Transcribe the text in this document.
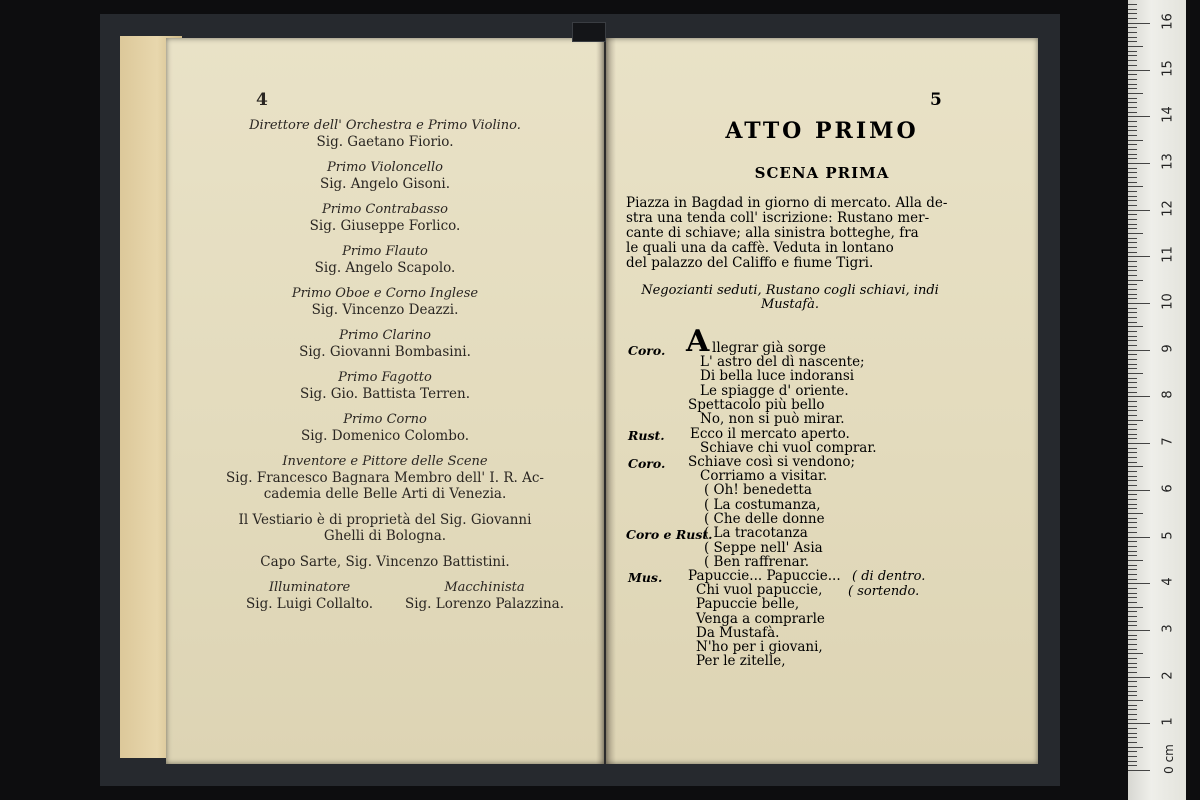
4
Direttore dell' Orchestra e Primo Violino.
Sig. Gaetano Fiorio.
Primo Violoncello
Sig. Angelo Gisoni.
Primo Contrabasso
Sig. Giuseppe Forlico.
Primo Flauto
Sig. Angelo Scapolo.
Primo Oboe e Corno Inglese
Sig. Vincenzo Deazzi.
Primo Clarino
Sig. Giovanni Bombasini.
Primo Fagotto
Sig. Gio. Battista Terren.
Primo Corno
Sig. Domenico Colombo.
Inventore e Pittore delle Scene
Sig. Francesco Bagnara Membro dell' I. R. Ac-
cademia delle Belle Arti di Venezia.
Il Vestiario è di proprietà del Sig. Giovanni
Ghelli di Bologna.
Capo Sarte, Sig. Vincenzo Battistini.
Illuminatore
Sig. Luigi Collalto.
Macchinista
Sig. Lorenzo Palazzina.
5
ATTO PRIMO
SCENA PRIMA
Piazza in Bagdad in giorno di mercato. Alla de-
stra una tenda coll' iscrizione: Rustano mer-
cante di schiave; alla sinistra botteghe, fra
le quali una da caffè. Veduta in lontano
del palazzo del Califfo e fiume Tigri.
Negozianti seduti, Rustano cogli schiavi, indi
Mustafà.
Coro.
Rust.
Coro.
Coro e Rust.
Mus.
A llegrar già sorge
L' astro del dì nascente;
Di bella luce indoransi
Le spiagge d' oriente.
Spettacolo più bello
No, non si può mirar.
Ecco il mercato aperto.
Schiave chi vuol comprar.
Schiave così si vendono;
Corriamo a visitar.
( Oh! benedetta
( La costumanza,
( Che delle donne
( La tracotanza
( Seppe nell' Asia
( Ben raffrenar.
Papuccie... Papuccie...
Chi vuol papuccie,
Papuccie belle,
Venga a comprarle
Da Mustafà.
N'ho per i giovani,
Per le zitelle,
( di dentro.
( sortendo.
0 cm
1
2
3
4
5
6
7
8
9
10
11
12
13
14
15
16
